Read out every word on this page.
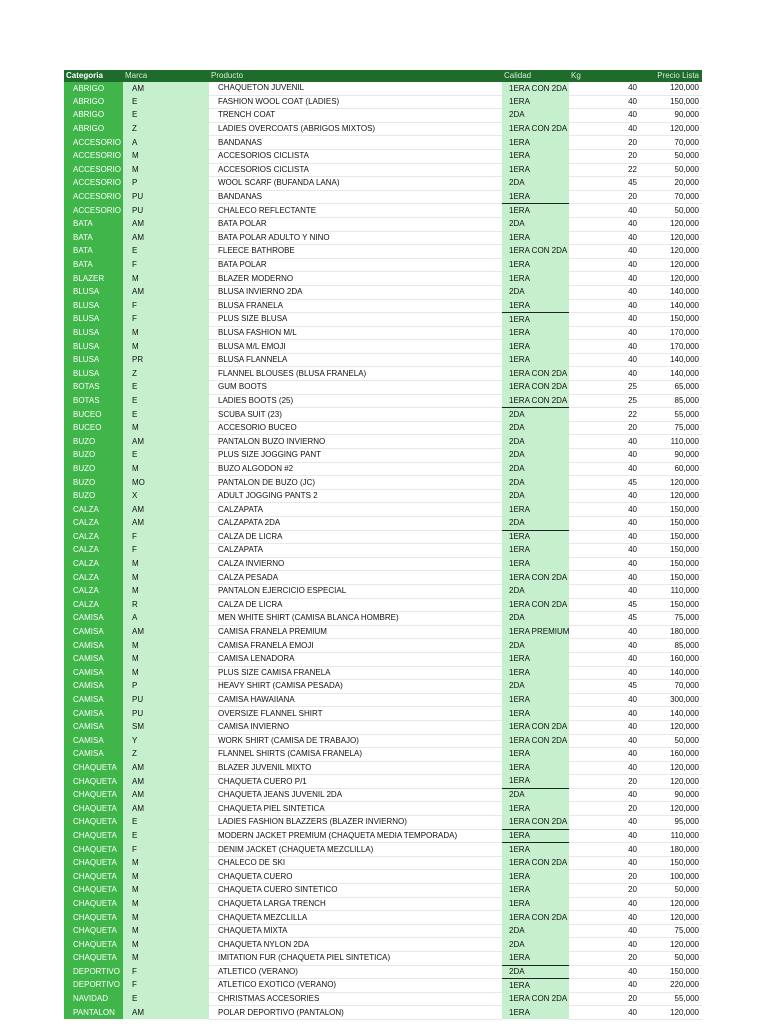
Categoria	Marca	Producto	Calidad	Kg	Precio Lista
ABRIGO	AM	CHAQUETON JUVENIL	1ERA CON 2DA	40	120,000
ABRIGO	E	FASHION WOOL COAT (LADIES)	1ERA	40	150,000
ABRIGO	E	TRENCH COAT	2DA	40	90,000
ABRIGO	Z	LADIES OVERCOATS (ABRIGOS MIXTOS)	1ERA CON 2DA	40	120,000
ACCESORIO	A	BANDANAS	1ERA	20	70,000
ACCESORIO	M	ACCESORIOS CICLISTA	1ERA	20	50,000
ACCESORIO	M	ACCESORIOS CICLISTA	1ERA	22	50,000
ACCESORIO	P	WOOL SCARF (BUFANDA LANA)	2DA	45	20,000
ACCESORIO	PU	BANDANAS	1ERA	20	70,000
ACCESORIO	PU	CHALECO REFLECTANTE	1ERA	40	50,000
BATA	AM	BATA POLAR	2DA	40	120,000
BATA	AM	BATA POLAR ADULTO Y NINO	1ERA	40	120,000
BATA	E	FLEECE BATHROBE	1ERA CON 2DA	40	120,000
BATA	F	BATA POLAR	1ERA	40	120,000
BLAZER	M	BLAZER MODERNO	1ERA	40	120,000
BLUSA	AM	BLUSA INVIERNO 2DA	2DA	40	140,000
BLUSA	F	BLUSA FRANELA	1ERA	40	140,000
BLUSA	F	PLUS SIZE BLUSA	1ERA	40	150,000
BLUSA	M	BLUSA FASHION M/L	1ERA	40	170,000
BLUSA	M	BLUSA M/L EMOJI	1ERA	40	170,000
BLUSA	PR	BLUSA FLANNELA	1ERA	40	140,000
BLUSA	Z	FLANNEL BLOUSES (BLUSA FRANELA)	1ERA CON 2DA	40	140,000
BOTAS	E	GUM BOOTS	1ERA CON 2DA	25	65,000
BOTAS	E	LADIES BOOTS (25)	1ERA CON 2DA	25	85,000
BUCEO	E	SCUBA SUIT (23)	2DA	22	55,000
BUCEO	M	ACCESORIO BUCEO	2DA	20	75,000
BUZO	AM	PANTALON BUZO INVIERNO	2DA	40	110,000
BUZO	E	PLUS SIZE JOGGING PANT	2DA	40	90,000
BUZO	M	BUZO ALGODON #2	2DA	40	60,000
BUZO	MO	PANTALON DE BUZO (JC)	2DA	45	120,000
BUZO	X	ADULT JOGGING PANTS 2	2DA	40	120,000
CALZA	AM	CALZAPATA	1ERA	40	150,000
CALZA	AM	CALZAPATA 2DA	2DA	40	150,000
CALZA	F	CALZA DE LICRA	1ERA	40	150,000
CALZA	F	CALZAPATA	1ERA	40	150,000
CALZA	M	CALZA INVIERNO	1ERA	40	150,000
CALZA	M	CALZA PESADA	1ERA CON 2DA	40	150,000
CALZA	M	PANTALON EJERCICIO ESPECIAL	2DA	40	110,000
CALZA	R	CALZA DE LICRA	1ERA CON 2DA	45	150,000
CAMISA	A	MEN WHITE SHIRT (CAMISA BLANCA HOMBRE)	2DA	45	75,000
CAMISA	AM	CAMISA FRANELA PREMIUM	1ERA PREMIUM	40	180,000
CAMISA	M	CAMISA FRANELA EMOJI	2DA	40	85,000
CAMISA	M	CAMISA LENADORA	1ERA	40	160,000
CAMISA	M	PLUS SIZE CAMISA FRANELA	1ERA	40	140,000
CAMISA	P	HEAVY SHIRT (CAMISA PESADA)	2DA	45	70,000
CAMISA	PU	CAMISA HAWAIIANA	1ERA	40	300,000
CAMISA	PU	OVERSIZE FLANNEL SHIRT	1ERA	40	140,000
CAMISA	SM	CAMISA INVIERNO	1ERA CON 2DA	40	120,000
CAMISA	Y	WORK SHIRT (CAMISA DE TRABAJO)	1ERA CON 2DA	40	50,000
CAMISA	Z	FLANNEL SHIRTS (CAMISA FRANELA)	1ERA	40	160,000
CHAQUETA	AM	BLAZER JUVENIL MIXTO	1ERA	40	120,000
CHAQUETA	AM	CHAQUETA CUERO P/1	1ERA	20	120,000
CHAQUETA	AM	CHAQUETA JEANS JUVENIL 2DA	2DA	40	90,000
CHAQUETA	AM	CHAQUETA PIEL SINTETICA	1ERA	20	120,000
CHAQUETA	E	LADIES FASHION BLAZZERS (BLAZER INVIERNO)	1ERA CON 2DA	40	95,000
CHAQUETA	E	MODERN JACKET PREMIUM (CHAQUETA MEDIA TEMPORADA)	1ERA	40	110,000
CHAQUETA	F	DENIM JACKET (CHAQUETA MEZCLILLA)	1ERA	40	180,000
CHAQUETA	M	CHALECO DE SKI	1ERA CON 2DA	40	150,000
CHAQUETA	M	CHAQUETA CUERO	1ERA	20	100,000
CHAQUETA	M	CHAQUETA CUERO SINTETICO	1ERA	20	50,000
CHAQUETA	M	CHAQUETA LARGA TRENCH	1ERA	40	120,000
CHAQUETA	M	CHAQUETA MEZCLILLA	1ERA CON 2DA	40	120,000
CHAQUETA	M	CHAQUETA MIXTA	2DA	40	75,000
CHAQUETA	M	CHAQUETA NYLON 2DA	2DA	40	120,000
CHAQUETA	M	IMITATION FUR (CHAQUETA PIEL SINTETICA)	1ERA	20	50,000
DEPORTIVO	F	ATLETICO (VERANO)	2DA	40	150,000
DEPORTIVO	F	ATLETICO EXOTICO (VERANO)	1ERA	40	220,000
NAVIDAD	E	CHRISTMAS ACCESORIES	1ERA CON 2DA	20	55,000
PANTALON	AM	POLAR DEPORTIVO (PANTALON)	1ERA	40	120,000
